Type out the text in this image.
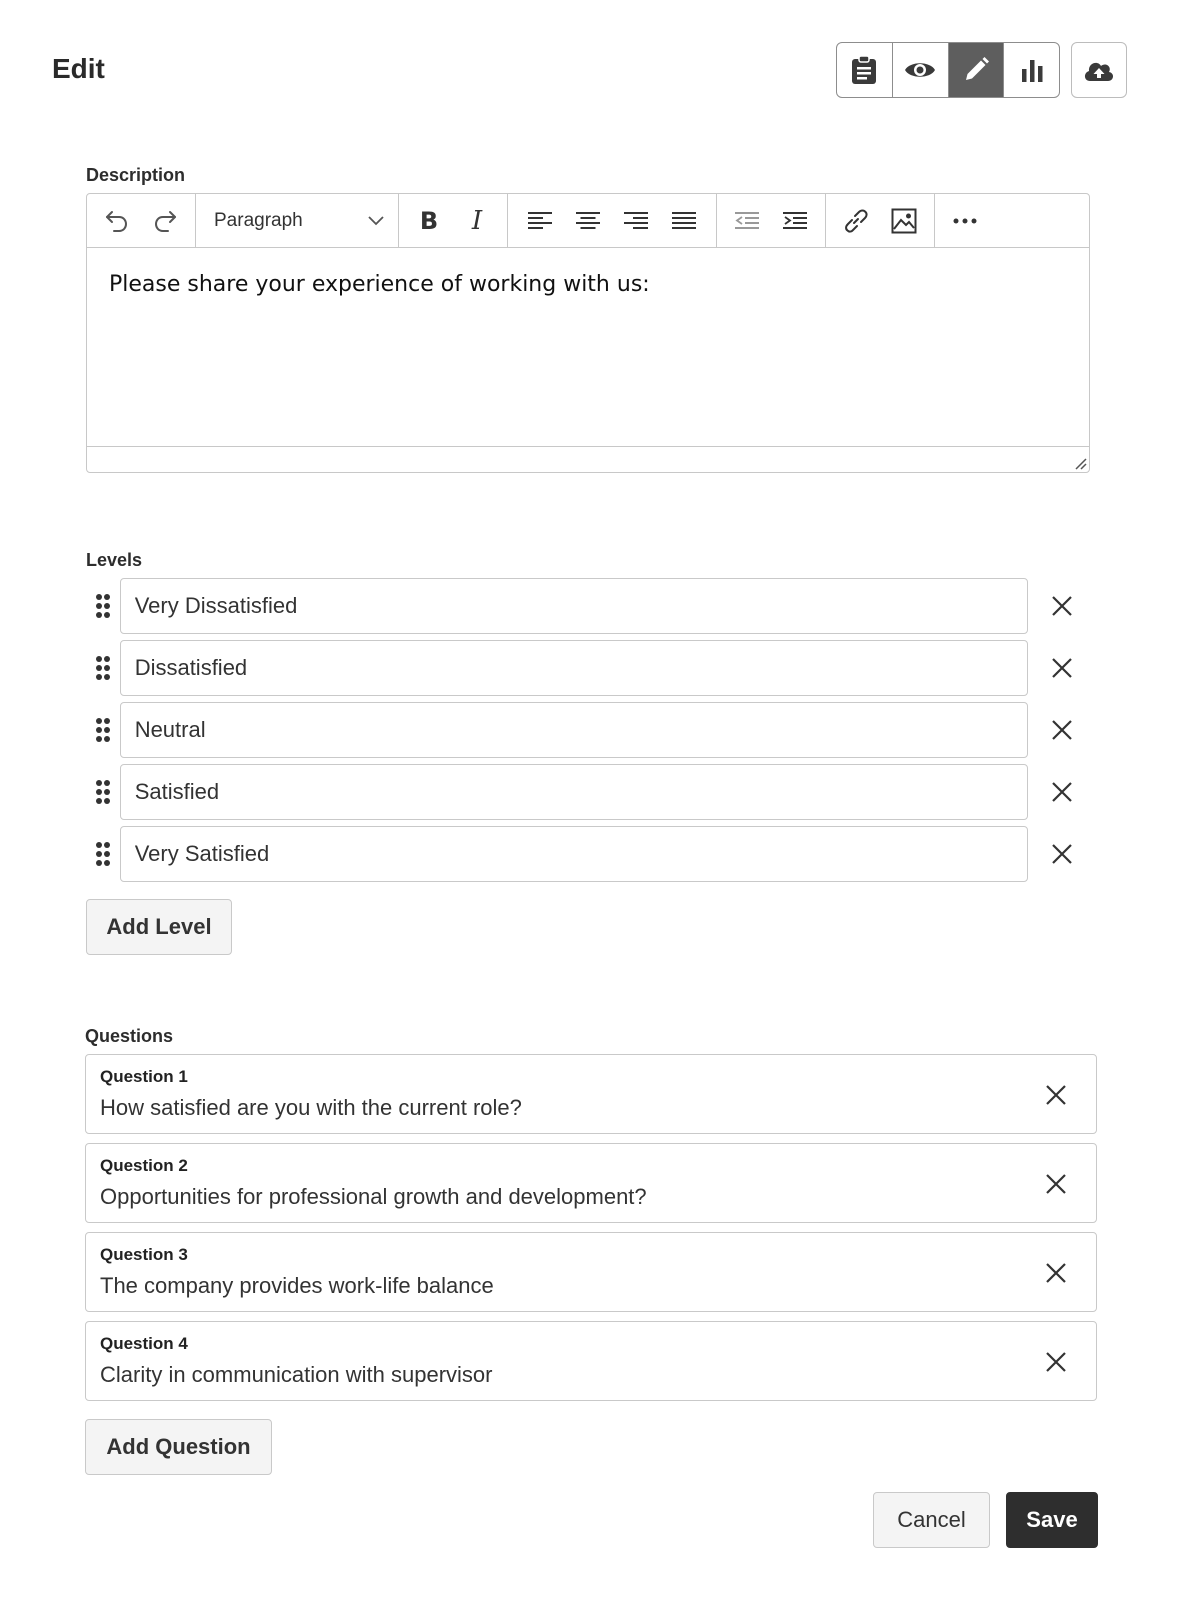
Edit
Description
Paragraph	B I
Please share your experience of working with us:
Levels
Very Dissatisfied
Dissatisfied
Neutral
Satisfied
Very Satisfied
Add Level
Questions
Question 1
How satisfied are you with the current role?
Question 2
Opportunities for professional growth and development?
Question 3
The company provides work-life balance
Question 4
Clarity in communication with supervisor
Add Question
Cancel	Save
